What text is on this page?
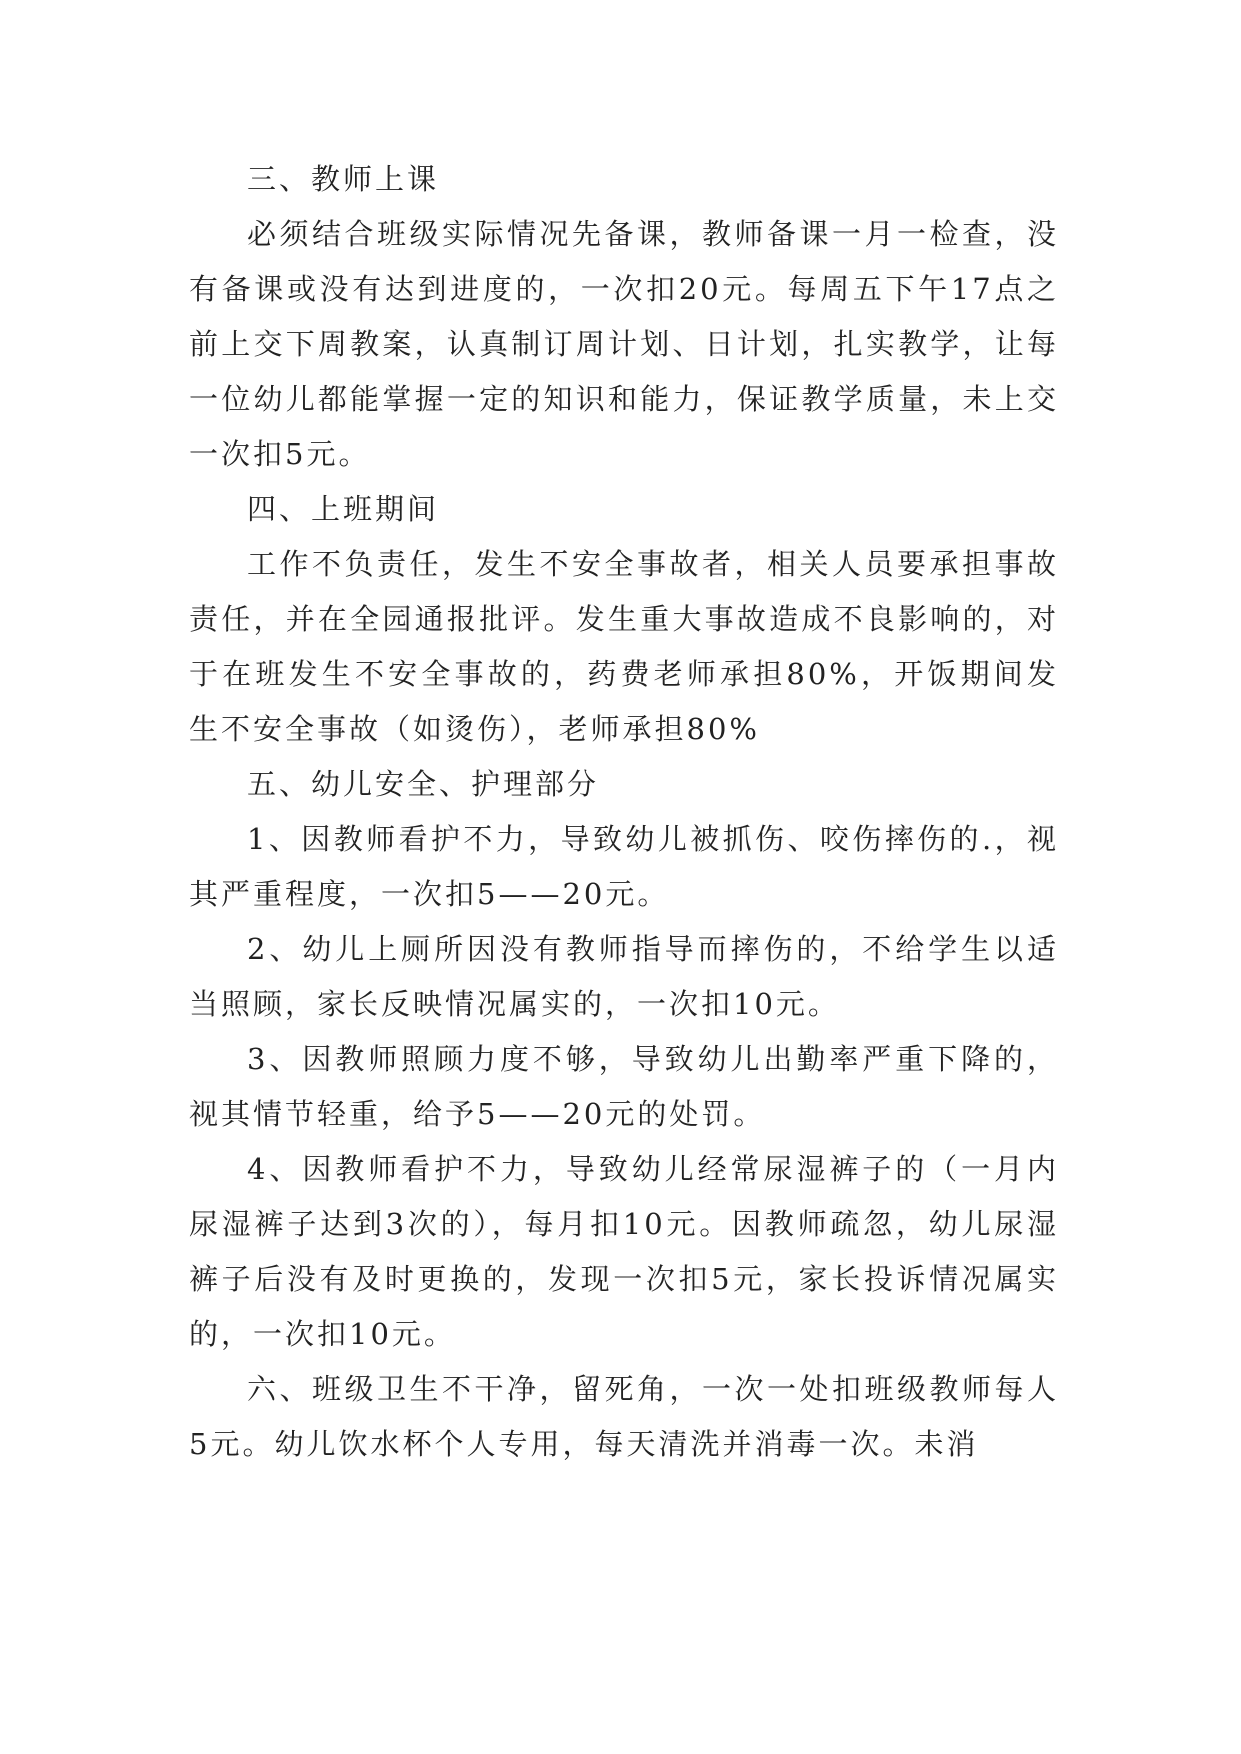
三、教师上课

必须结合班级实际情况先备课，教师备课一月一检查，没有备课或没有达到进度的，一次扣20元。每周五下午17点之前上交下周教案，认真制订周计划、日计划，扎实教学，让每一位幼儿都能掌握一定的知识和能力，保证教学质量，未上交一次扣5元。

四、上班期间

工作不负责任，发生不安全事故者，相关人员要承担事故责任，并在全园通报批评。发生重大事故造成不良影响的，对于在班发生不安全事故的，药费老师承担80%，开饭期间发生不安全事故（如烫伤），老师承担80%

五、幼儿安全、护理部分

1、因教师看护不力，导致幼儿被抓伤、咬伤摔伤的.，视其严重程度，一次扣5——20元。

2、幼儿上厕所因没有教师指导而摔伤的，不给学生以适当照顾，家长反映情况属实的，一次扣10元。

3、因教师照顾力度不够，导致幼儿出勤率严重下降的，视其情节轻重，给予5——20元的处罚。

4、因教师看护不力，导致幼儿经常尿湿裤子的（一月内尿湿裤子达到3次的），每月扣10元。因教师疏忽，幼儿尿湿裤子后没有及时更换的，发现一次扣5元，家长投诉情况属实的，一次扣10元。

六、班级卫生不干净，留死角，一次一处扣班级教师每人5元。幼儿饮水杯个人专用，每天清洗并消毒一次。未消
